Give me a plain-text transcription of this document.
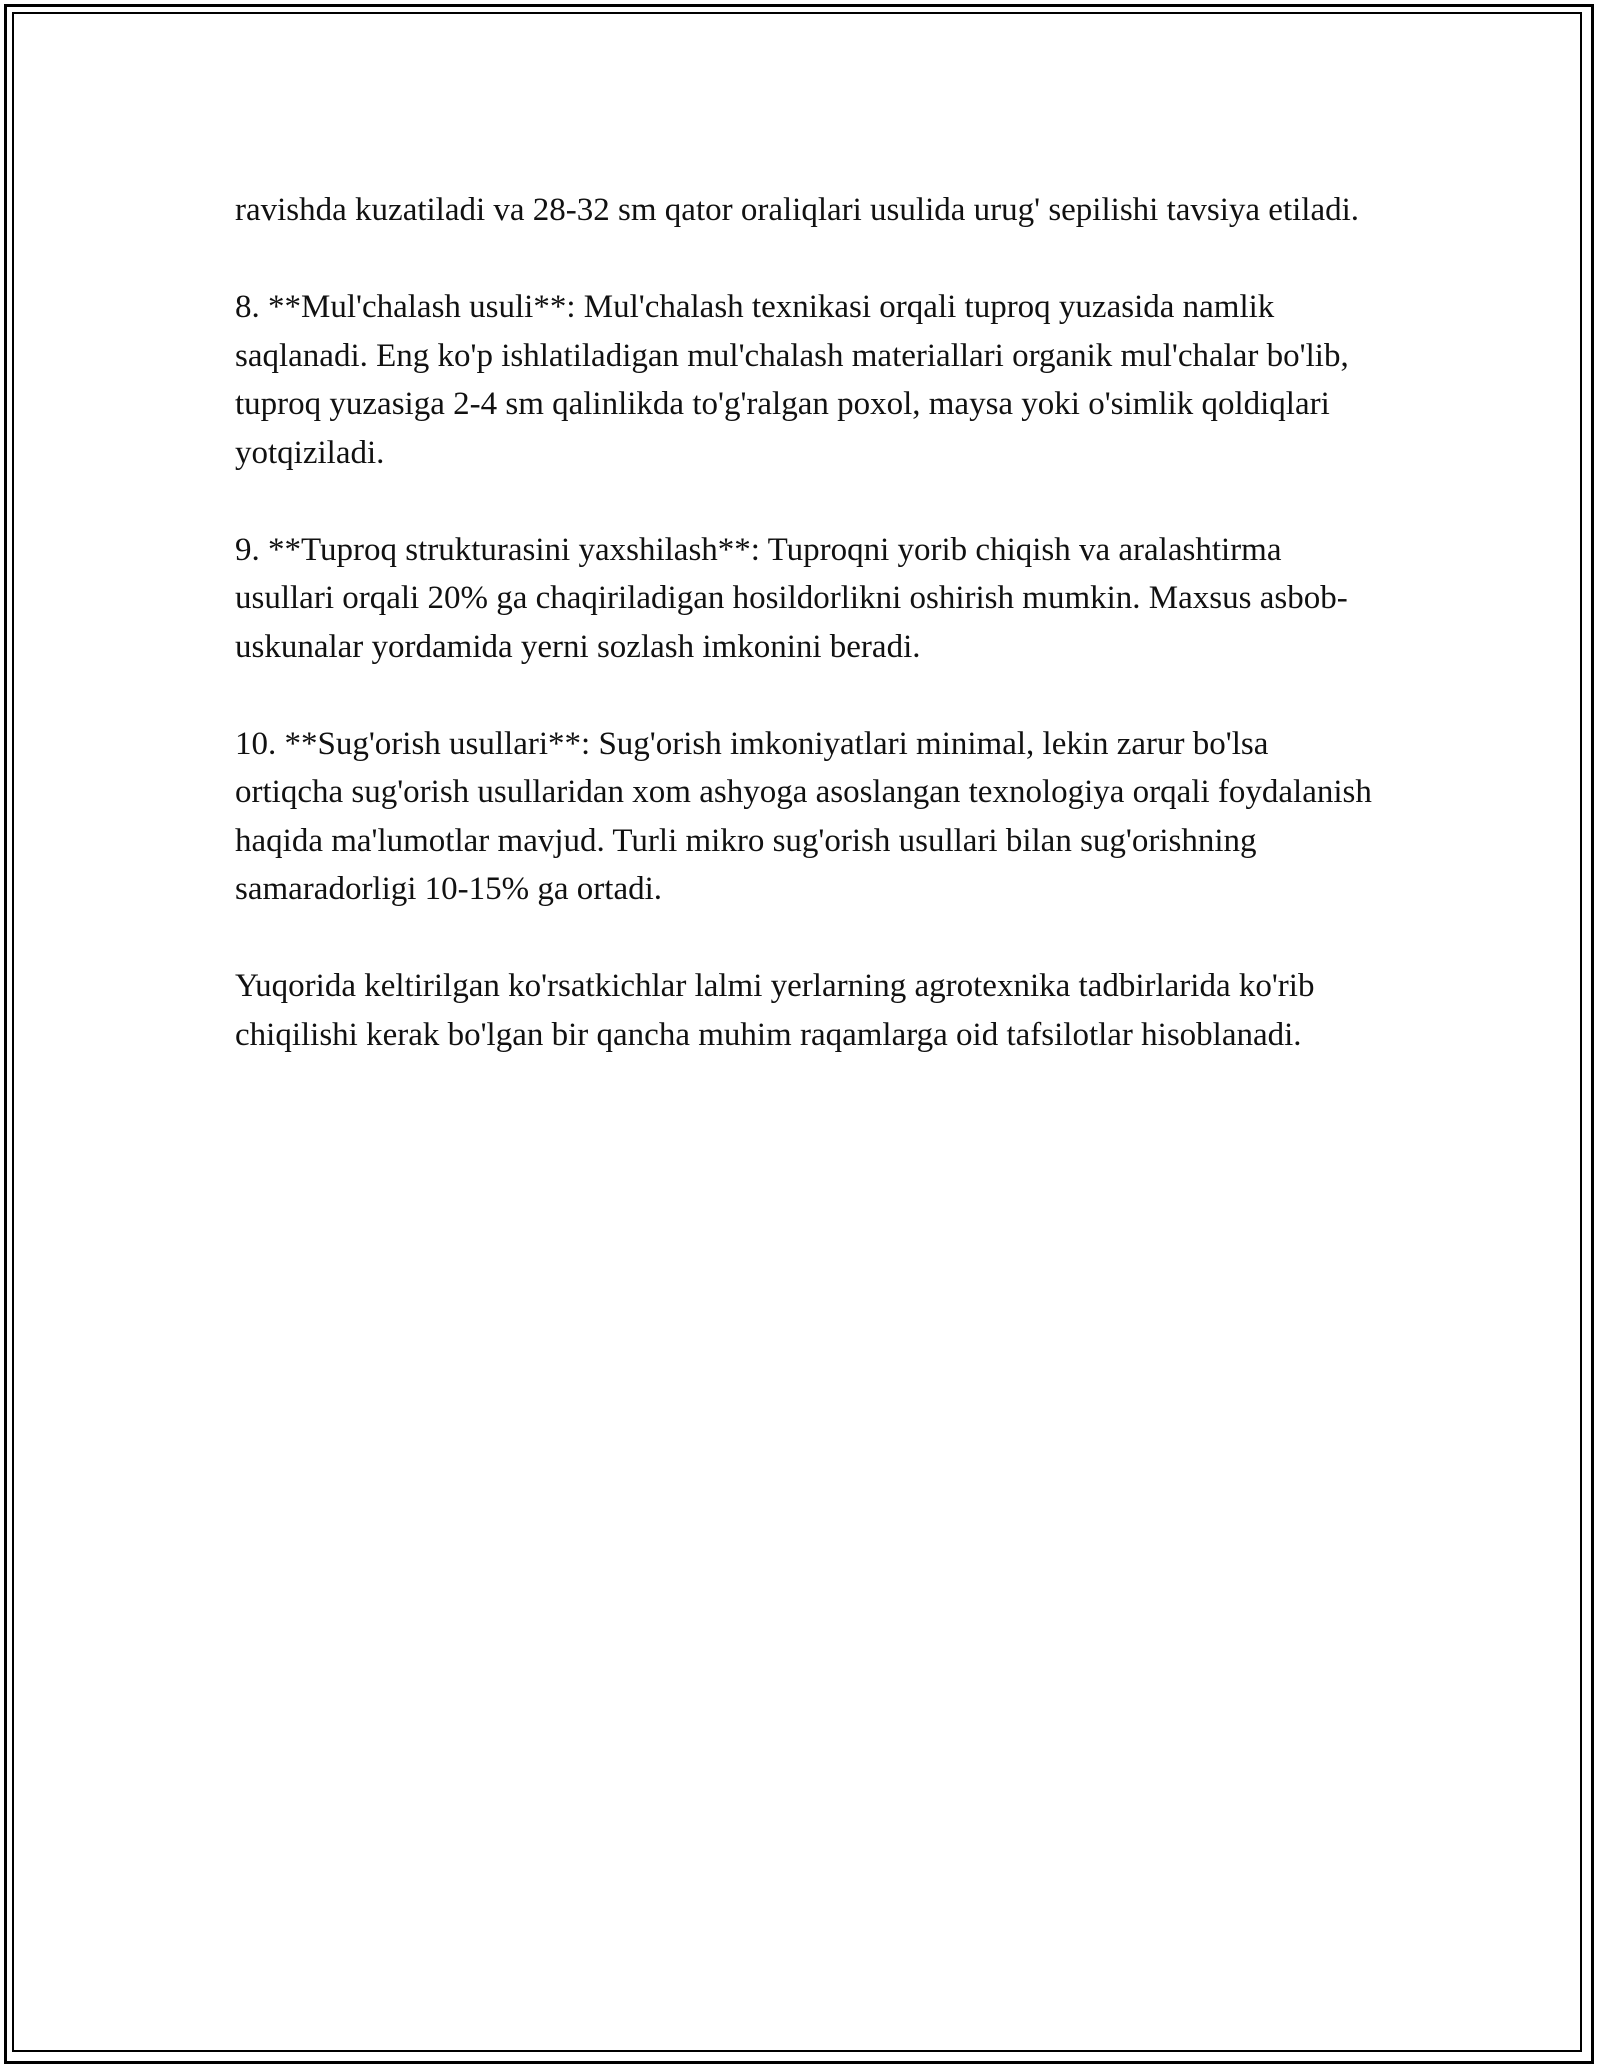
ravishda kuzatiladi va 28-32 sm qator oraliqlari usulida urug' sepilishi tavsiya etiladi.

8. **Mul'chalash usuli**: Mul'chalash texnikasi orqali tuproq yuzasida namlik saqlanadi. Eng ko'p ishlatiladigan mul'chalash materiallari organik mul'chalar bo'lib, tuproq yuzasiga 2-4 sm qalinlikda to'g'ralgan poxol, maysa yoki o'simlik qoldiqlari yotqiziladi.

9. **Tuproq strukturasini yaxshilash**: Tuproqni yorib chiqish va aralashtirma usullari orqali 20% ga chaqiriladigan hosildorlikni oshirish mumkin. Maxsus asbob-uskunalar yordamida yerni sozlash imkonini beradi.

10. **Sug'orish usullari**: Sug'orish imkoniyatlari minimal, lekin zarur bo'lsa ortiqcha sug'orish usullaridan xom ashyoga asoslangan texnologiya orqali foydalanish haqida ma'lumotlar mavjud. Turli mikro sug'orish usullari bilan sug'orishning samaradorligi 10-15% ga ortadi.

Yuqorida keltirilgan ko'rsatkichlar lalmi yerlarning agrotexnika tadbirlarida ko'rib chiqilishi kerak bo'lgan bir qancha muhim raqamlarga oid tafsilotlar hisoblanadi.
